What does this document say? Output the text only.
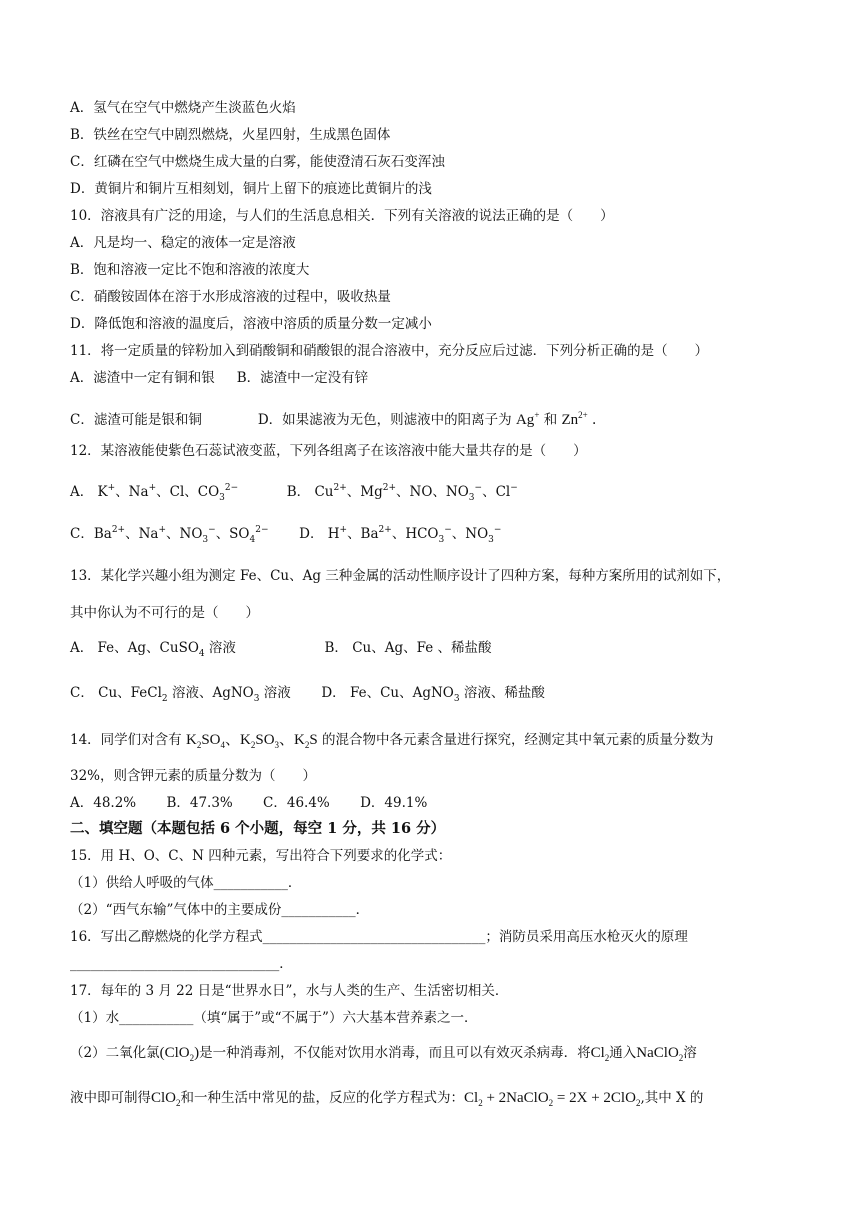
A．氢气在空气中燃烧产生淡蓝色火焰
B．铁丝在空气中剧烈燃烧，火星四射，生成黑色固体
C．红磷在空气中燃烧生成大量的白雾，能使澄清石灰石变浑浊
D．黄铜片和铜片互相刻划，铜片上留下的痕迹比黄铜片的浅
10．溶液具有广泛的用途，与人们的生活息息相关．下列有关溶液的说法正确的是（　　）
A．凡是均一、稳定的液体一定是溶液
B．饱和溶液一定比不饱和溶液的浓度大
C．硝酸铵固体在溶于水形成溶液的过程中，吸收热量
D．降低饱和溶液的温度后，溶液中溶质的质量分数一定减小
11．将一定质量的锌粉加入到硝酸铜和硝酸银的混合溶液中，充分反应后过滤．下列分析正确的是（　　）
A．滤渣中一定有铜和银 B．滤渣中一定没有锌
C．滤渣可能是银和铜	D．如果滤液为无色，则滤液中的阳离子为 Ag+ 和 $Zn^{2+}$ .
12．某溶液能使紫色石蕊试液变蓝，下列各组离子在该溶液中能大量共存的是（　　）
A． K+、Na+、Cl、$CO_3^{2-}$	B． $Cu^{2+}$、$Mg^{2+}$、NO、$NO_3^-$、Cl−
C．$Ba^{2+}$、Na+、$NO_3^-$、$SO_4^{2-}$  D． H+、$Ba^{2+}$、$HCO_3^-$、$NO_3^-$
13．某化学兴趣小组为测定 Fe、Cu、Ag 三种金属的活动性顺序设计了四种方案，每种方案所用的试剂如下，
其中你认为不可行的是（　　）
A． Fe、Ag、CuSO$_4$ 溶液	B． Cu、Ag、Fe 、稀盐酸
C． Cu、FeCl$_2$ 溶液、AgNO$_3$ 溶液  D． Fe、Cu、AgNO$_3$ 溶液、稀盐酸
14．同学们对含有 $K_2SO_4$、$K_2SO_3$、$K_2S$ 的混合物中各元素含量进行探究，经测定其中氧元素的质量分数为
32%，则含钾元素的质量分数为（　　）
A．48.2% B．47.3% C．46.4% D．49.1%
二、填空题（本题包括 6 个小题，每空 1 分，共 16 分）
15．用 H、O、C、N 四种元素，写出符合下列要求的化学式：
（1）供给人呼吸的气体___________．
（2）“西气东输”气体中的主要成份___________．
16．写出乙醇燃烧的化学方程式_________________________________；消防员采用高压水枪灭火的原理
_______________________________．
17．每年的 3 月 22 日是“世界水日”，水与人类的生产、生活密切相关．
（1）水___________（填“属于”或“不属于”）六大基本营养素之一．
（2）二氧化氯(ClO$_2$)是一种消毒剂，不仅能对饮用水消毒，而且可以有效灭杀病毒．将$Cl_2$通入NaClO$_2$溶
液中即可制得ClO$_2$和一种生活中常见的盐，反应的化学方程式为：$Cl_2$ + 2NaClO$_2$ = 2X + 2ClO$_2$,其中 X 的
